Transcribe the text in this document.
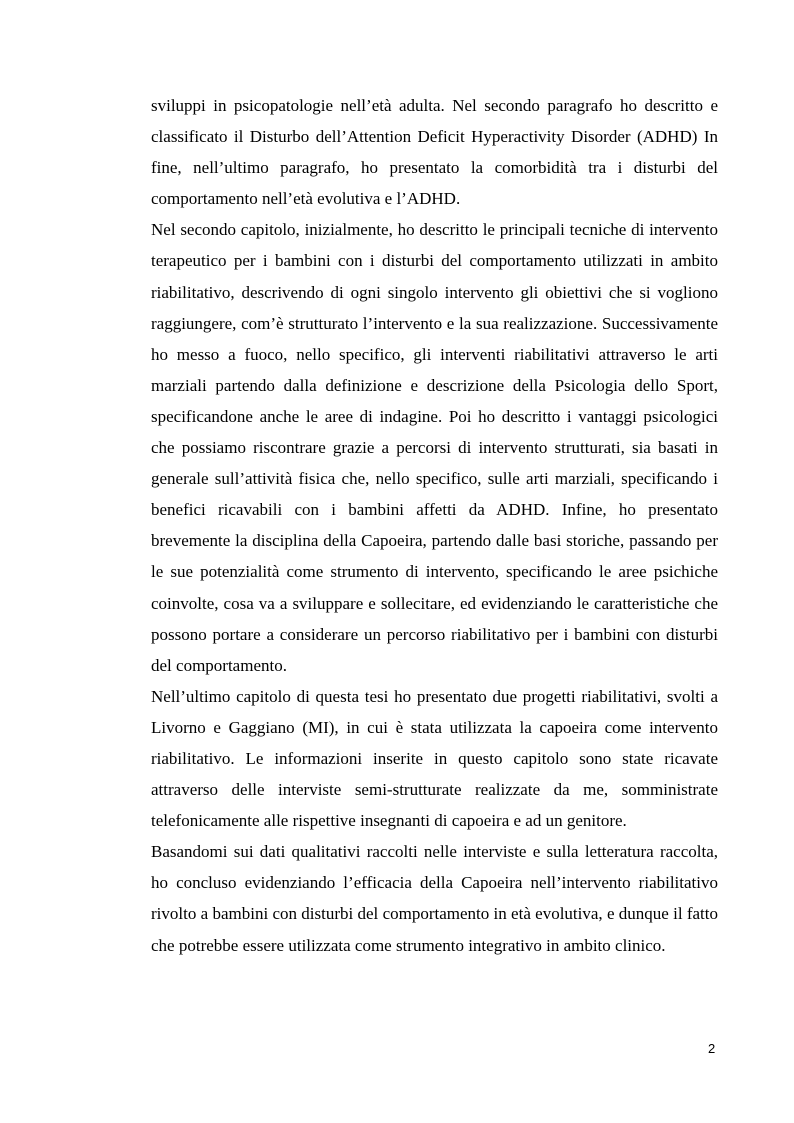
sviluppi in psicopatologie nell’età adulta. Nel secondo paragrafo ho descritto e classificato il Disturbo dell’Attention Deficit Hyperactivity Disorder (ADHD) In fine, nell’ultimo paragrafo, ho presentato la comorbidità tra i disturbi del comportamento nell’età evolutiva e l’ADHD.

Nel secondo capitolo, inizialmente, ho descritto le principali tecniche di intervento terapeutico per i bambini con i disturbi del comportamento utilizzati in ambito riabilitativo, descrivendo di ogni singolo intervento gli obiettivi che si vogliono raggiungere, com’è strutturato l’intervento e la sua realizzazione. Successivamente ho messo a fuoco, nello specifico, gli interventi riabilitativi attraverso le arti marziali partendo dalla definizione e descrizione della Psicologia dello Sport, specificandone anche le aree di indagine. Poi ho descritto i vantaggi psicologici che possiamo riscontrare grazie a percorsi di intervento strutturati, sia basati in generale sull’attività fisica che, nello specifico, sulle arti marziali, specificando i benefici ricavabili con i bambini affetti da ADHD. Infine, ho presentato brevemente la disciplina della Capoeira, partendo dalle basi storiche, passando per le sue potenzialità come strumento di intervento, specificando le aree psichiche coinvolte, cosa va a sviluppare e sollecitare, ed evidenziando le caratteristiche che possono portare a considerare un percorso riabilitativo per i bambini con disturbi del comportamento.

Nell’ultimo capitolo di questa tesi ho presentato due progetti riabilitativi, svolti a Livorno e Gaggiano (MI), in cui è stata utilizzata la capoeira come intervento riabilitativo. Le informazioni inserite in questo capitolo sono state ricavate attraverso delle interviste semi-strutturate realizzate da me, somministrate telefonicamente alle rispettive insegnanti di capoeira e ad un genitore.

Basandomi sui dati qualitativi raccolti nelle interviste e sulla letteratura raccolta, ho concluso evidenziando l’efficacia della Capoeira nell’intervento riabilitativo rivolto a bambini con disturbi del comportamento in età evolutiva, e dunque il fatto che potrebbe essere utilizzata come strumento integrativo in ambito clinico.

2
